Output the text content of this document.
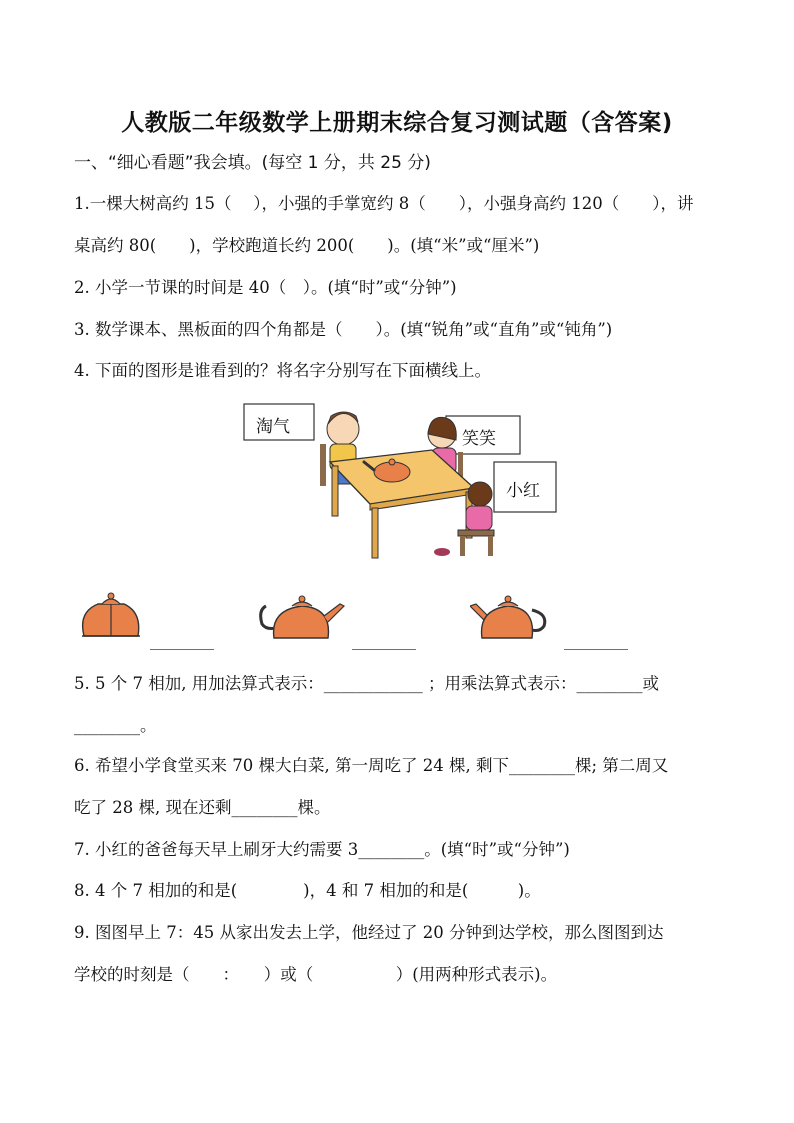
人教版二年级数学上册期末综合复习测试题（含答案)
一、“细心看题”我会填。(每空 1 分，共 25 分)
1.一棵大树高约 15（　 ），小强的手掌宽约 8（　　），小强身高约 120（　　），讲
桌高约 80(　　)，学校跑道长约 200(　　)。(填“米”或“厘米”)
2. 小学一节课的时间是 40（　）。(填“时”或“分钟”)
3. 数学课本、黑板面的四个角都是（　　）。(填“锐角”或“直角”或“钝角”)
4. 下面的图形是谁看到的？将名字分别写在下面横线上。
淘气
笑笑
小红
________	________	________
5. 5 个 7 相加, 用加法算式表示：____________ ；用乘法算式表示：________或
________。
6. 希望小学食堂买来 70 棵大白菜, 第一周吃了 24 棵, 剩下________棵; 第二周又
吃了 28 棵, 现在还剩________棵。
7. 小红的爸爸每天早上刷牙大约需要 3________。(填“时”或“分钟”)
8. 4 个 7 相加的和是(　　　　)，4 和 7 相加的和是(　　　)。
9. 图图早上 7：45 从家出发去上学，他经过了 20 分钟到达学校，那么图图到达
学校的时刻是（　　：　　）或（　　　　　）(用两种形式表示)。
